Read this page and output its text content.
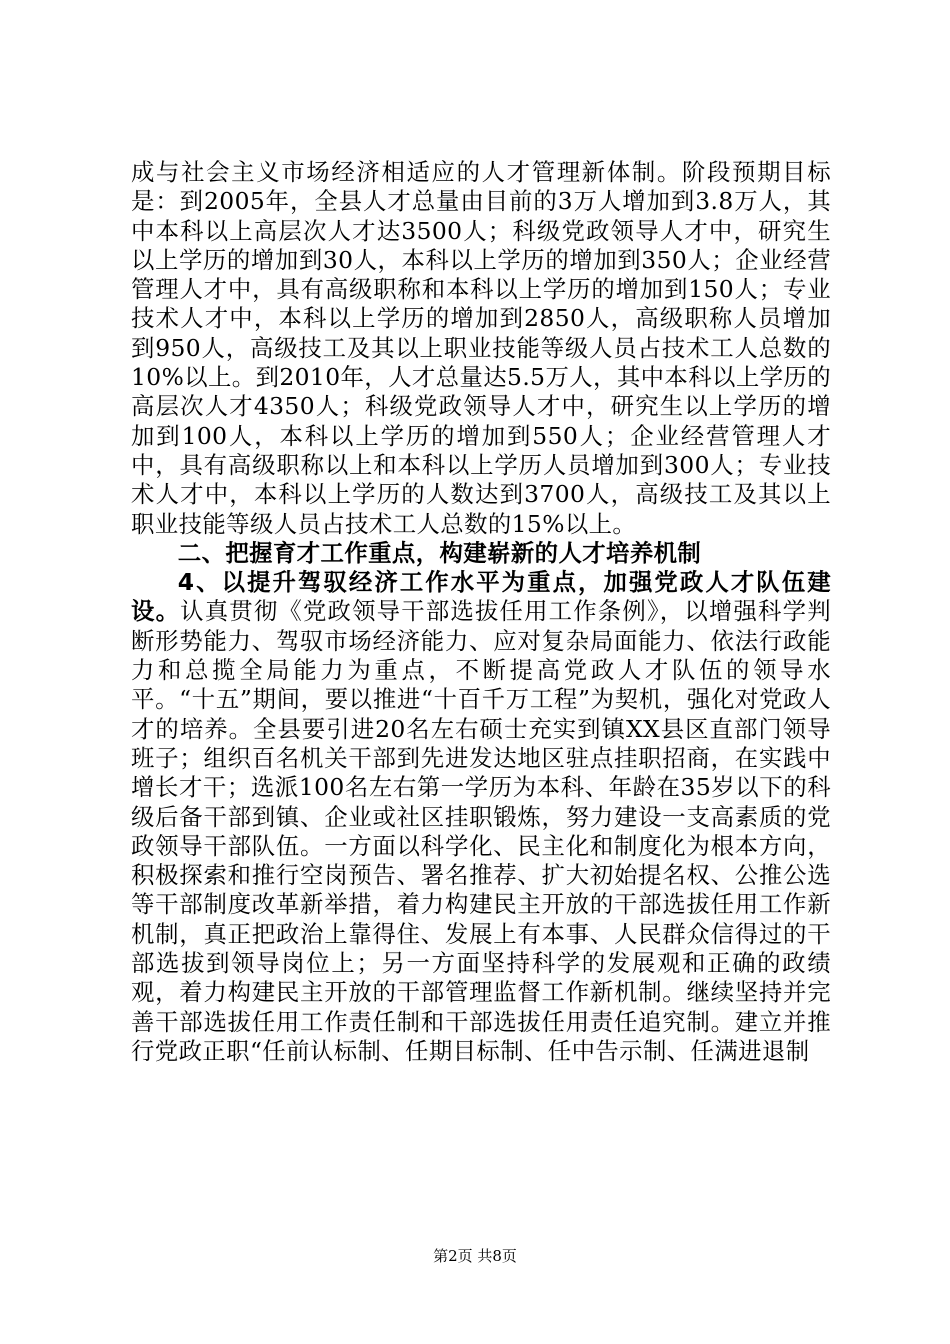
成与社会主义市场经济相适应的人才管理新体制。阶段预期目标是：到2005年，全县人才总量由目前的3万人增加到3.8万人，其中本科以上高层次人才达3500人；科级党政领导人才中，研究生以上学历的增加到30人，本科以上学历的增加到350人；企业经营管理人才中，具有高级职称和本科以上学历的增加到150人；专业技术人才中，本科以上学历的增加到2850人，高级职称人员增加到950人，高级技工及其以上职业技能等级人员占技术工人总数的10%以上。到2010年，人才总量达5.5万人，其中本科以上学历的高层次人才4350人；科级党政领导人才中，研究生以上学历的增加到100人，本科以上学历的增加到550人；企业经营管理人才中，具有高级职称以上和本科以上学历人员增加到300人；专业技术人才中，本科以上学历的人数达到3700人，高级技工及其以上职业技能等级人员占技术工人总数的15%以上。

二、把握育才工作重点，构建崭新的人才培养机制

4、以提升驾驭经济工作水平为重点，加强党政人才队伍建设。认真贯彻《党政领导干部选拔任用工作条例》，以增强科学判断形势能力、驾驭市场经济能力、应对复杂局面能力、依法行政能力和总揽全局能力为重点，不断提高党政人才队伍的领导水平。“十五”期间，要以推进“十百千万工程”为契机，强化对党政人才的培养。全县要引进20名左右硕士充实到镇XX县区直部门领导班子；组织百名机关干部到先进发达地区驻点挂职招商，在实践中增长才干；选派100名左右第一学历为本科、年龄在35岁以下的科级后备干部到镇、企业或社区挂职锻炼，努力建设一支高素质的党政领导干部队伍。一方面以科学化、民主化和制度化为根本方向，积极探索和推行空岗预告、署名推荐、扩大初始提名权、公推公选等干部制度改革新举措，着力构建民主开放的干部选拔任用工作新机制，真正把政治上靠得住、发展上有本事、人民群众信得过的干部选拔到领导岗位上；另一方面坚持科学的发展观和正确的政绩观，着力构建民主开放的干部管理监督工作新机制。继续坚持并完善干部选拔任用工作责任制和干部选拔任用责任追究制。建立并推行党政正职“任前认标制、任期目标制、任中告示制、任满进退制

第2页 共8页
